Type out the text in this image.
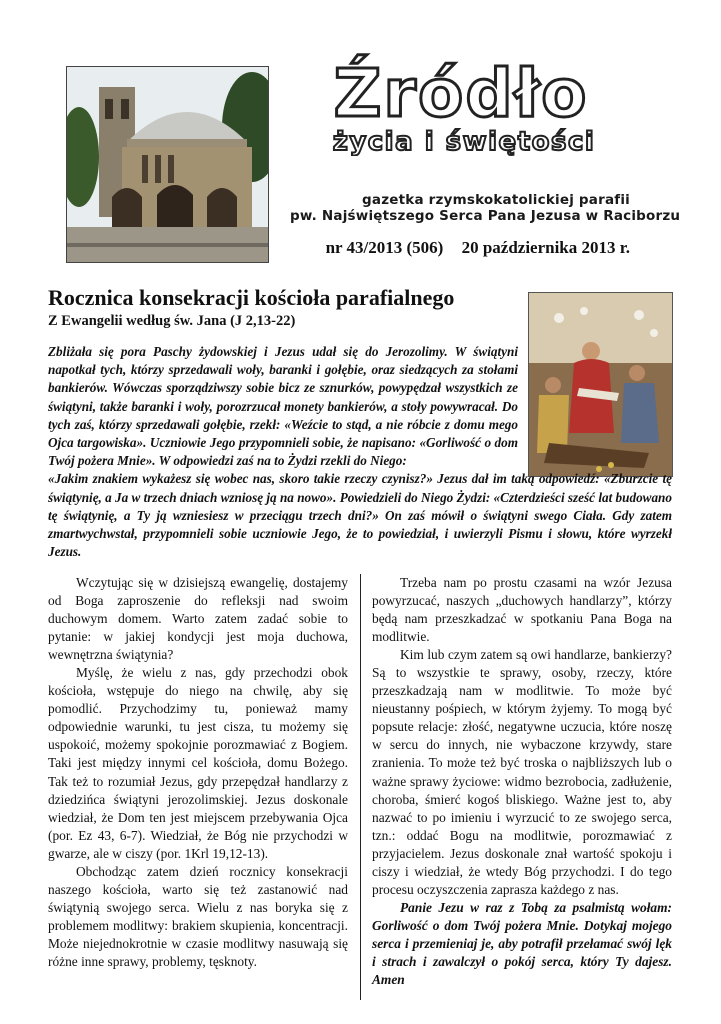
Źródło
życia i świętości
gazetka rzymskokatolickiej parafii
pw. Najświętszego Serca Pana Jezusa w Raciborzu
nr 43/2013 (506) 20 października 2013 r.
Rocznica konsekracji kościoła parafialnego
Z Ewangelii według św. Jana (J 2,13-22)
Zbliżała się pora Paschy żydowskiej i Jezus udał się do Jerozolimy. W świątyni napotkał tych, którzy sprzedawali woły, baranki i gołębie, oraz siedzących za stołami bankierów. Wówczas sporządziwszy sobie bicz ze sznurków, powypędzał wszystkich ze świątyni, także baranki i woły, porozrzucał monety bankierów, a stoły powywracał. Do tych zaś, którzy sprzedawali gołębie, rzekł: «Weźcie to stąd, a nie róbcie z domu mego Ojca targowiska». Uczniowie Jego przypomnieli sobie, że napisano: «Gorliwość o dom Twój pożera Mnie». W odpowiedzi zaś na to Żydzi rzekli do Niego:
«Jakim znakiem wykażesz się wobec nas, skoro takie rzeczy czynisz?» Jezus dał im taką odpowiedź: «Zburzcie tę świątynię, a Ja w trzech dniach wzniosę ją na nowo». Powiedzieli do Niego Żydzi: «Czterdzieści sześć lat budowano tę świątynię, a Ty ją wzniesiesz w przeciągu trzech dni?» On zaś mówił o świątyni swego Ciała. Gdy zatem zmartwychwstał, przypomnieli sobie uczniowie Jego, że to powiedział, i uwierzyli Pismu i słowu, które wyrzekł Jezus.

Wczytując się w dzisiejszą ewangelię, dostajemy od Boga zaproszenie do refleksji nad swoim duchowym domem. Warto zatem zadać sobie to pytanie: w jakiej kondycji jest moja duchowa, wewnętrzna świątynia?

Myślę, że wielu z nas, gdy przechodzi obok kościoła, wstępuje do niego na chwilę, aby się pomodlić. Przychodzimy tu, ponieważ mamy odpowiednie warunki, tu jest cisza, tu możemy się uspokoić, możemy spokojnie porozmawiać z Bogiem. Taki jest między innymi cel kościoła, domu Bożego. Tak też to rozumiał Jezus, gdy przepędzał handlarzy z dziedzińca świątyni jerozolimskiej. Jezus doskonale wiedział, że Dom ten jest miejscem przebywania Ojca (por. Ez 43, 6-7). Wiedział, że Bóg nie przychodzi w gwarze, ale w ciszy (por. 1Krl 19,12-13).

Obchodząc zatem dzień rocznicy konsekracji naszego kościoła, warto się też zastanowić nad świątynią swojego serca. Wielu z nas boryka się z problemem modlitwy: brakiem skupienia, koncentracji. Może niejednokrotnie w czasie modlitwy nasuwają się różne inne sprawy, problemy, tęsknoty.

Trzeba nam po prostu czasami na wzór Jezusa powyrzucać, naszych „duchowych handlarzy”, którzy będą nam przeszkadzać w spotkaniu Pana Boga na modlitwie.

Kim lub czym zatem są owi handlarze, bankierzy? Są to wszystkie te sprawy, osoby, rzeczy, które przeszkadzają nam w modlitwie. To może być nieustanny pośpiech, w którym żyjemy. To mogą być popsute relacje: złość, negatywne uczucia, które noszę w sercu do innych, nie wybaczone krzywdy, stare zranienia. To może też być troska o najbliższych lub o ważne sprawy życiowe: widmo bezrobocia, zadłużenie, choroba, śmierć kogoś bliskiego. Ważne jest to, aby nazwać to po imieniu i wyrzucić to ze swojego serca, tzn.: oddać Bogu na modlitwie, porozmawiać z przyjacielem. Jezus doskonale znał wartość spokoju i ciszy i wiedział, że wtedy Bóg przychodzi. I do tego procesu oczyszczenia zaprasza każdego z nas.

Panie Jezu w raz z Tobą za psalmistą wołam: Gorliwość o dom Twój pożera Mnie. Dotykaj mojego serca i przemieniaj je, aby potrafił przełamać swój lęk i strach i zawalczył o pokój serca, który Ty dajesz. Amen
